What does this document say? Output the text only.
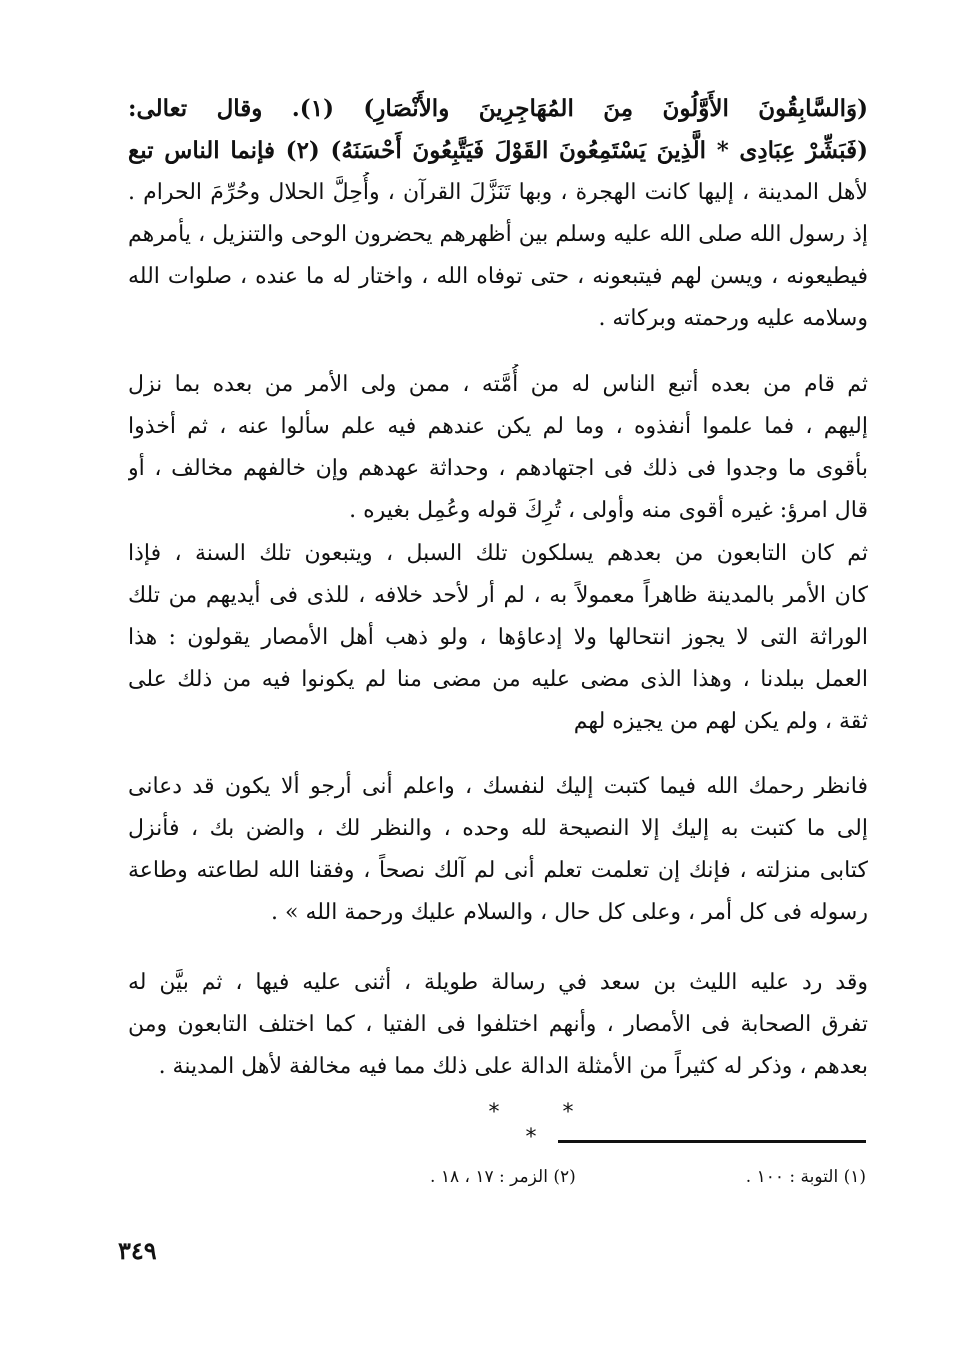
(وَالسَّابِقُونَ الأَوَّلُونَ مِنَ المُهَاجِرِينَ والأَنْصَارِ) (١). وقال تعالى:
(فَبَشِّرْ عِبَادِى * الَّذِينَ يَسْتَمِعُونَ القَوْلَ فَيَتَّبِعُونَ أَحْسَنَهُ) (٢) فإنما الناس تبع
لأهل المدينة ، إليها كانت الهجرة ، وبها تَنَزَّلَ القرآن ، وأُحِلَّ الحلال وحُرِّمَ الحرام .
إذ رسول الله صلى الله عليه وسلم بين أظهرهم يحضرون الوحى والتنزيل ، يأمرهم
فيطيعونه ، ويسن لهم فيتبعونه ، حتى توفاه الله ، واختار له ما عنده ، صلوات الله
وسلامه عليه ورحمته وبركاته .
ثم قام من بعده أتبع الناس له من أُمَّته ، ممن ولى الأمر من بعده بما نزل
إليهم ، فما علموا أنفذوه ، وما لم يكن عندهم فيه علم سألوا عنه ، ثم أخذوا
بأقوى ما وجدوا فى ذلك فى اجتهادهم ، وحداثة عهدهم وإن خالفهم مخالف ، أو
قال امرؤ: غيره أقوى منه وأولى ، تُرِكَ قوله وعُمِل بغيره .
ثم كان التابعون من بعدهم يسلكون تلك السبل ، ويتبعون تلك السنة ، فإذا
كان الأمر بالمدينة ظاهراً معمولاً به ، لم أر لأحد خلافه ، للذى فى أيديهم من تلك
الوراثة التى لا يجوز انتحالها ولا إدعاؤها ، ولو ذهب أهل الأمصار يقولون : هذا
العمل ببلدنا ، وهذا الذى مضى عليه من مضى منا لم يكونوا فيه من ذلك على
ثقة ، ولم يكن لهم من يجيزه لهم
فانظر رحمك الله فيما كتبت إليك لنفسك ، واعلم أنى أرجو ألا يكون قد دعانى
إلى ما كتبت به إليك إلا النصيحة لله وحده ، والنظر لك ، والضن بك ، فأنزل
كتابى منزلته ، فإنك إن تعلمت تعلم أنى لم آلك نصحاً ، وفقنا الله لطاعته وطاعة
رسوله فى كل أمر ، وعلى كل حال ، والسلام عليك ورحمة الله » .
وقد رد عليه الليث بن سعد في رسالة طويلة ، أثنى عليه فيها ، ثم بيَّن له
تفرق الصحابة فى الأمصار ، وأنهم اختلفوا فى الفتيا ، كما اختلف التابعون ومن
بعدهم ، وذكر له كثيراً من الأمثلة الدالة على ذلك مما فيه مخالفة لأهل المدينة .
* * *
(١) التوبة : ١٠٠ .
(٢) الزمر : ١٧ ، ١٨ .
٣٤٩
